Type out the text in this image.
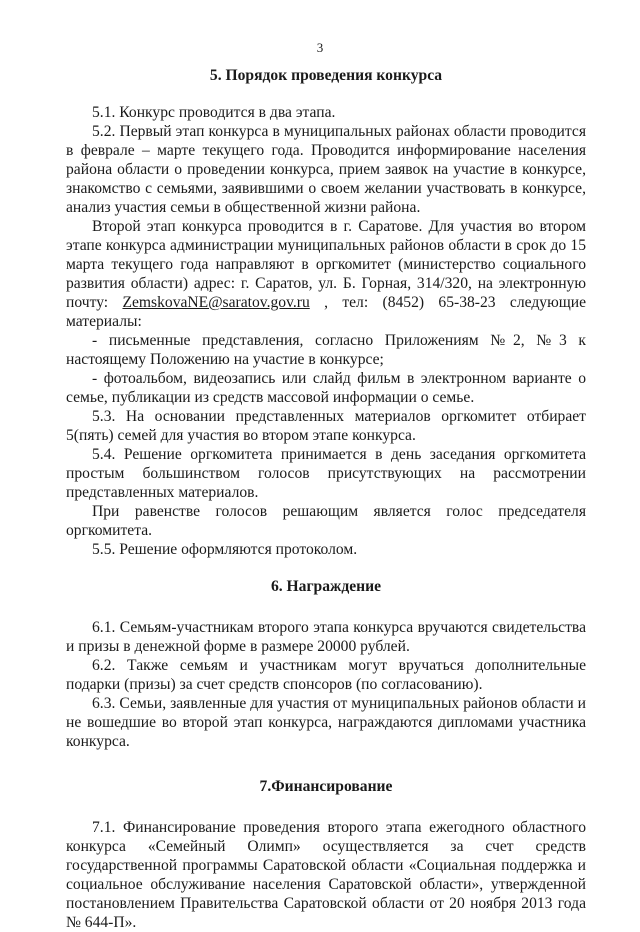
3
5. Порядок проведения конкурса

5.1. Конкурс проводится в два этапа.

5.2. Первый этап конкурса в муниципальных районах области проводится в феврале – марте текущего года. Проводится информирование населения района области о проведении конкурса, прием заявок на участие в конкурсе, знакомство с семьями, заявившими о своем желании участвовать в конкурсе, анализ участия семьи в общественной жизни района.

Второй этап конкурса проводится в г. Саратове. Для участия во втором этапе конкурса администрации муниципальных районов области в срок до 15 марта текущего года направляют в оргкомитет (министерство социального развития области) адрес: г. Саратов, ул. Б. Горная, 314/320, на электронную почту: ZemskovaNE@saratov.gov.ru , тел: (8452) 65-38-23 следующие материалы:

- письменные представления, согласно Приложениям №2, №3 к настоящему Положению на участие в конкурсе;

- фотоальбом, видеозапись или слайд фильм в электронном варианте о семье, публикации из средств массовой информации о семье.

5.3. На основании представленных материалов оргкомитет отбирает 5(пять) семей для участия во втором этапе конкурса.

5.4. Решение оргкомитета принимается в день заседания оргкомитета простым большинством голосов присутствующих на рассмотрении представленных материалов.

При равенстве голосов решающим является голос председателя оргкомитета.

5.5. Решение оформляются протоколом.

6. Награждение

6.1. Семьям-участникам второго этапа конкурса вручаются свидетельства и призы в денежной форме в размере 20000 рублей.

6.2. Также семьям и участникам могут вручаться дополнительные подарки (призы) за счет средств спонсоров (по согласованию).

6.3. Семьи, заявленные для участия от муниципальных районов области и не вошедшие во второй этап конкурса, награждаются дипломами участника конкурса.

7.Финансирование

7.1. Финансирование проведения второго этапа ежегодного областного конкурса «Семейный Олимп» осуществляется за счет средств государственной программы Саратовской области «Социальная поддержка и социальное обслуживание населения Саратовской области», утвержденной постановлением Правительства Саратовской области от 20 ноября 2013 года № 644-П».
